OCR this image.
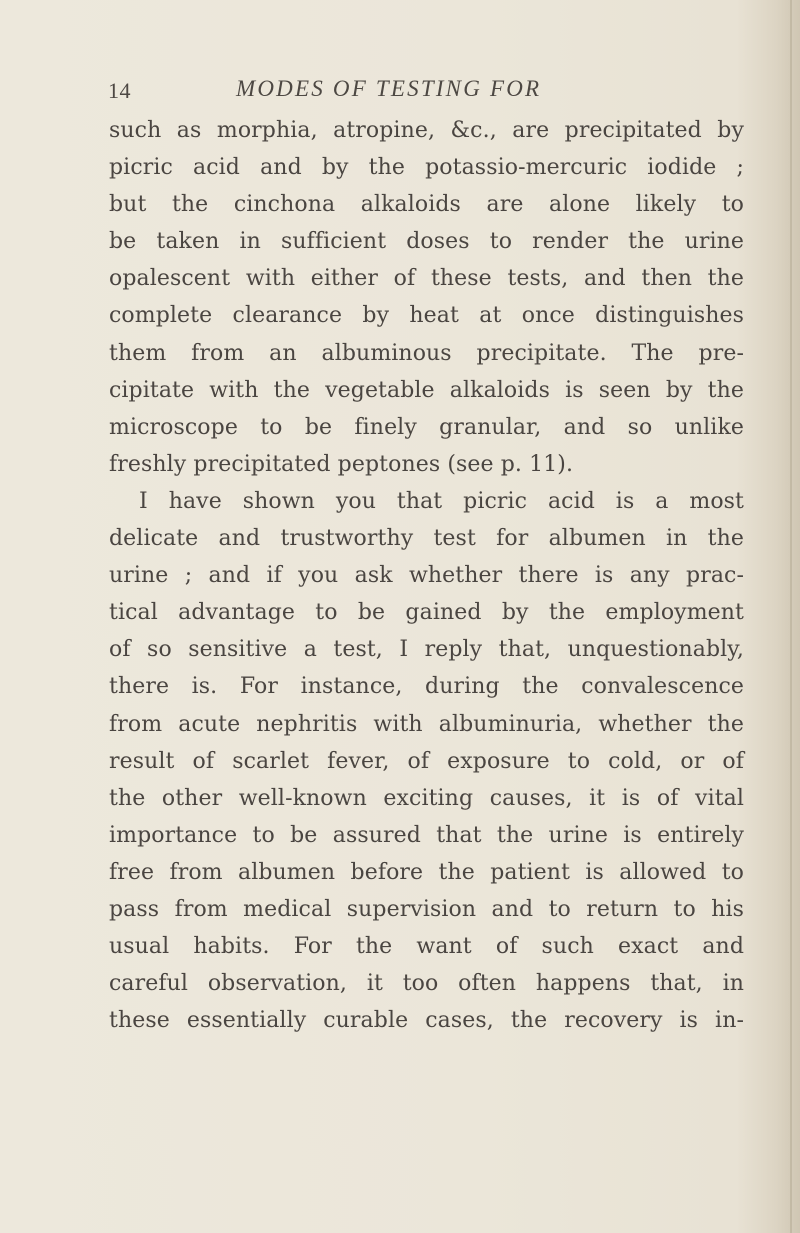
14	MODES OF TESTING FOR
such as morphia, atropine, &c., are precipitated by
picric acid and by the potassio-mercuric iodide ;
but the cinchona alkaloids are alone likely to
be taken in sufficient doses to render the urine
opalescent with either of these tests, and then the
complete clearance by heat at once distinguishes
them from an albuminous precipitate. The pre-
cipitate with the vegetable alkaloids is seen by the
microscope to be finely granular, and so unlike
freshly precipitated peptones (see p. 11).
I have shown you that picric acid is a most
delicate and trustworthy test for albumen in the
urine ; and if you ask whether there is any prac-
tical advantage to be gained by the employment
of so sensitive a test, I reply that, unquestionably,
there is. For instance, during the convalescence
from acute nephritis with albuminuria, whether the
result of scarlet fever, of exposure to cold, or of
the other well-known exciting causes, it is of vital
importance to be assured that the urine is entirely
free from albumen before the patient is allowed to
pass from medical supervision and to return to his
usual habits. For the want of such exact and
careful observation, it too often happens that, in
these essentially curable cases, the recovery is in-
